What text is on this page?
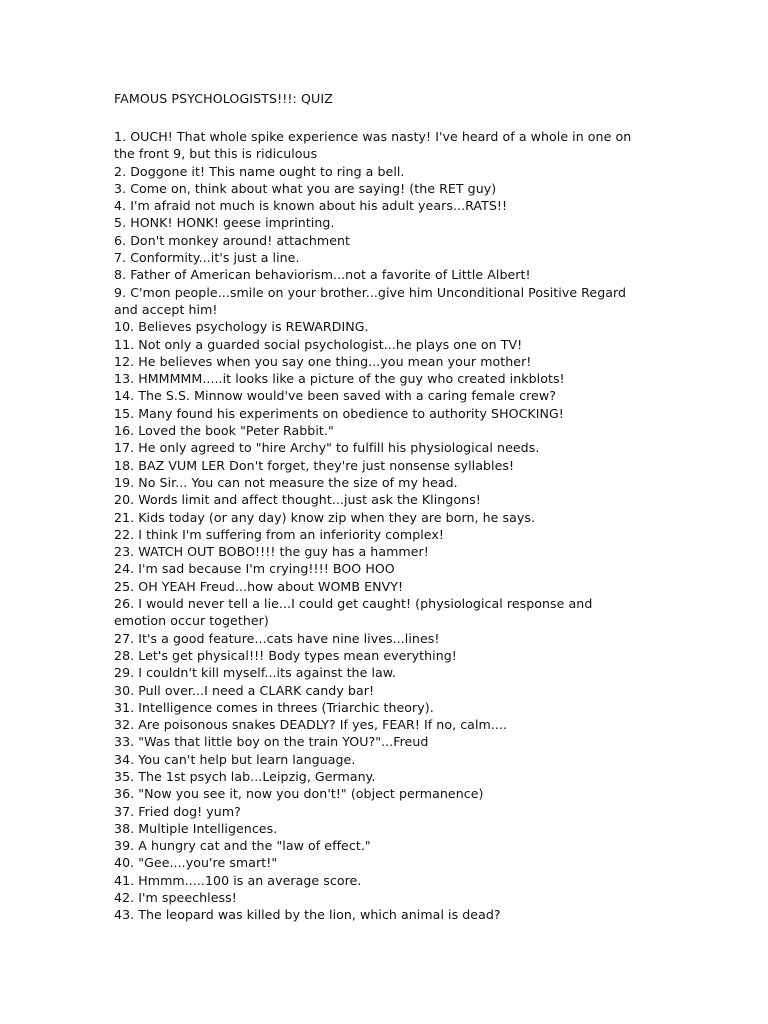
FAMOUS PSYCHOLOGISTS!!!: QUIZ
1. OUCH! That whole spike experience was nasty! I've heard of a whole in one on the front 9, but this is ridiculous
2. Doggone it! This name ought to ring a bell.
3. Come on, think about what you are saying! (the RET guy)
4. I'm afraid not much is known about his adult years...RATS!!
5. HONK! HONK! geese imprinting.
6. Don't monkey around! attachment
7. Conformity...it's just a line.
8. Father of American behaviorism...not a favorite of Little Albert!
9. C'mon people...smile on your brother...give him Unconditional Positive Regard and accept him!
10. Believes psychology is REWARDING.
11. Not only a guarded social psychologist...he plays one on TV!
12. He believes when you say one thing...you mean your mother!
13. HMMMMM.....it looks like a picture of the guy who created inkblots!
14. The S.S. Minnow would've been saved with a caring female crew?
15. Many found his experiments on obedience to authority SHOCKING!
16. Loved the book "Peter Rabbit."
17. He only agreed to "hire Archy" to fulfill his physiological needs.
18. BAZ VUM LER Don't forget, they're just nonsense syllables!
19. No Sir... You can not measure the size of my head.
20. Words limit and affect thought...just ask the Klingons!
21. Kids today (or any day) know zip when they are born, he says.
22. I think I'm suffering from an inferiority complex!
23. WATCH OUT BOBO!!!! the guy has a hammer!
24. I'm sad because I'm crying!!!! BOO HOO
25. OH YEAH Freud...how about WOMB ENVY!
26. I would never tell a lie...I could get caught! (physiological response and emotion occur together)
27. It's a good feature...cats have nine lives...lines!
28. Let's get physical!!! Body types mean everything!
29. I couldn't kill myself...its against the law.
30. Pull over...I need a CLARK candy bar!
31. Intelligence comes in threes (Triarchic theory).
32. Are poisonous snakes DEADLY? If yes, FEAR! If no, calm....
33. "Was that little boy on the train YOU?"...Freud
34. You can't help but learn language.
35. The 1st psych lab...Leipzig, Germany.
36. "Now you see it, now you don't!" (object permanence)
37. Fried dog! yum?
38. Multiple Intelligences.
39. A hungry cat and the "law of effect."
40. "Gee....you're smart!"
41. Hmmm.....100 is an average score.
42. I'm speechless!
43. The leopard was killed by the lion, which animal is dead?
